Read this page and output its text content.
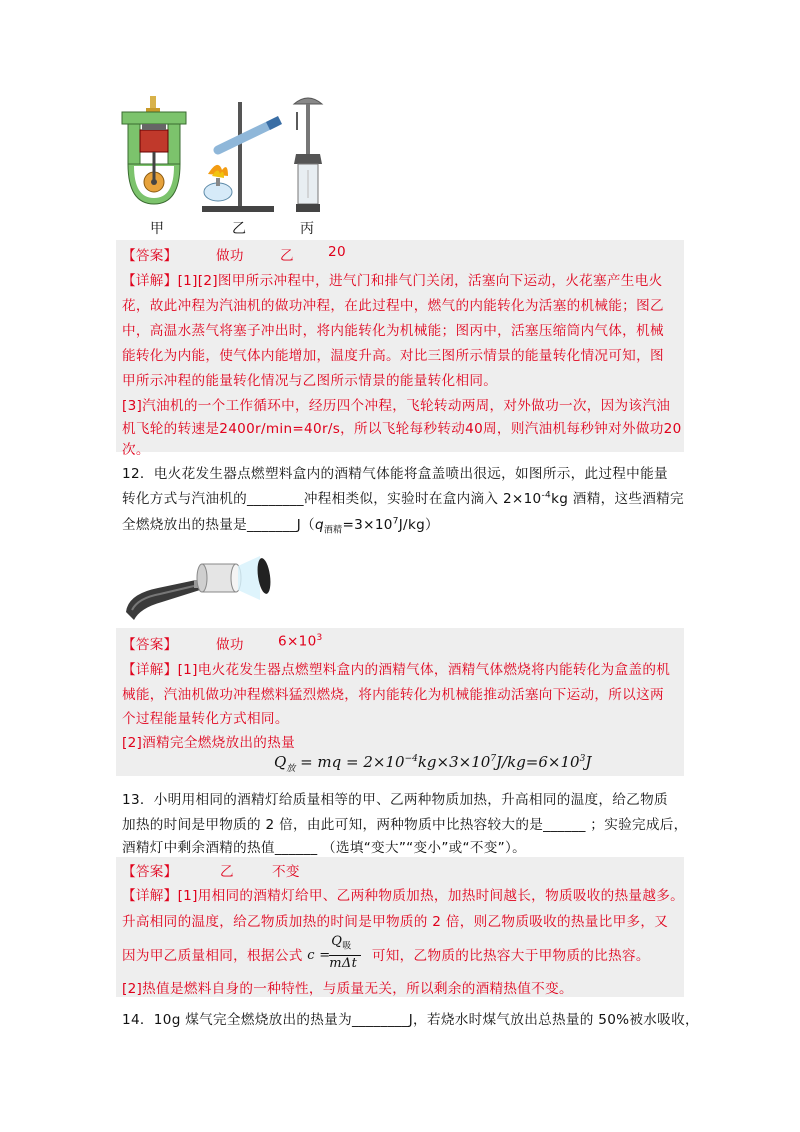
甲	乙	丙
【答案】	做功	乙	20
【详解】[1][2]图甲所示冲程中，进气门和排气门关闭，活塞向下运动，火花塞产生电火
花，故此冲程为汽油机的做功冲程，在此过程中，燃气的内能转化为活塞的机械能；图乙
中，高温水蒸气将塞子冲出时，将内能转化为机械能；图丙中，活塞压缩筒内气体，机械
能转化为内能，使气体内能增加，温度升高。对比三图所示情景的能量转化情况可知，图
甲所示冲程的能量转化情况与乙图所示情景的能量转化相同。
[3]汽油机的一个工作循环中，经历四个冲程，飞轮转动两周，对外做功一次，因为该汽油
机飞轮的转速是2400r/min=40r/s，所以飞轮每秒转动40周，则汽油机每秒钟对外做功20
次。
12．电火花发生器点燃塑料盒内的酒精气体能将盒盖喷出很远，如图所示，此过程中能量
转化方式与汽油机的________冲程相类似，实验时在盒内滴入 $2\times 10^{-4}kg$ 酒精，这些酒精完
全燃烧放出的热量是$\_\_\_\_\_\_\_J(q_{酒精}=3\times 10^7J/kg)$
【答案】	做功	$6\times 10^3$
【详解】[1]电火花发生器点燃塑料盒内的酒精气体，酒精气体燃烧将内能转化为盒盖的机
械能，汽油机做功冲程燃料猛烈燃烧，将内能转化为机械能推动活塞向下运动，所以这两
个过程能量转化方式相同。
[2]酒精完全燃烧放出的热量
$Q_放$ = mq = $2\times 10^{-4}kg\times 3\times 10^7J/kg=6\times 10^3J$
13．小明用相同的酒精灯给质量相等的甲、乙两种物质加热，升高相同的温度，给乙物质
加热的时间是甲物质的 2 倍，由此可知，两种物质中比热容较大的是______ ；实验完成后，
酒精灯中剩余酒精的热值______ （选填“变大”“变小”或“不变”）。
【答案】	乙	不变
【详解】[1]用相同的酒精灯给甲、乙两种物质加热，加热时间越长，物质吸收的热量越多。
升高相同的温度，给乙物质加热的时间是甲物质的 2 倍，则乙物质吸收的热量比甲多，又
因为甲乙质量相同，根据公式 c =
$Q_吸$
mΔt 可知，乙物质的比热容大于甲物质的比热容。
[2]热值是燃料自身的一种特性，与质量无关，所以剩余的酒精热值不变。
14．10g 煤气完全燃烧放出的热量为________J，若烧水时煤气放出总热量的 50%被水吸收，
